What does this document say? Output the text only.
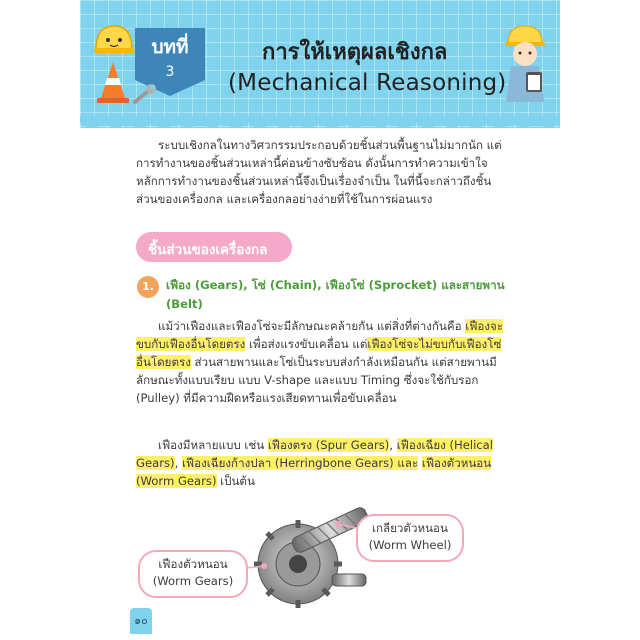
บทที่
3
การให้เหตุผลเชิงกล
(Mechanical Reasoning)
ระบบเชิงกลในทางวิศวกรรมประกอบด้วยชิ้นส่วนพื้นฐานไม่มากนัก แต่การทำงานของชิ้นส่วนเหล่านี้ค่อนข้างซับซ้อน ดังนั้นการทำความเข้าใจหลักการทำงานของชิ้นส่วนเหล่านี้จึงเป็นเรื่องจำเป็น ในที่นี้จะกล่าวถึงชิ้นส่วนของเครื่องกล และเครื่องกลอย่างง่ายที่ใช้ในการผ่อนแรง
ชิ้นส่วนของเครื่องกล
1.	เฟือง (Gears), โซ่ (Chain), เฟืองโซ่ (Sprocket) และสายพาน (Belt)
แม้ว่าเฟืองและเฟืองโซ่จะมีลักษณะคล้ายกัน แต่สิ่งที่ต่างกันคือ เฟืองจะขบกับเฟืองอื่นโดยตรง เพื่อส่งแรงขับเคลื่อน แต่เฟืองโซ่จะไม่ขบกับเฟืองโซ่อื่นโดยตรง ส่วนสายพานและโซ่เป็นระบบส่งกำลังเหมือนกัน แต่สายพานมีลักษณะทั้งแบบเรียบ แบบ V-shape และแบบ Timing ซึ่งจะใช้กับรอก (Pulley) ที่มีความฝืดหรือแรงเสียดทานเพื่อขับเคลื่อน
เฟืองมีหลายแบบ เช่น เฟืองตรง (Spur Gears), เฟืองเฉียง (Helical Gears), เฟืองเฉียงก้างปลา (Herringbone Gears) และ เฟืองตัวหนอน (Worm Gears) เป็นต้น
เกลียวตัวหนอน
(Worm Wheel)
เฟืองตัวหนอน
(Worm Gears)
๑๐
